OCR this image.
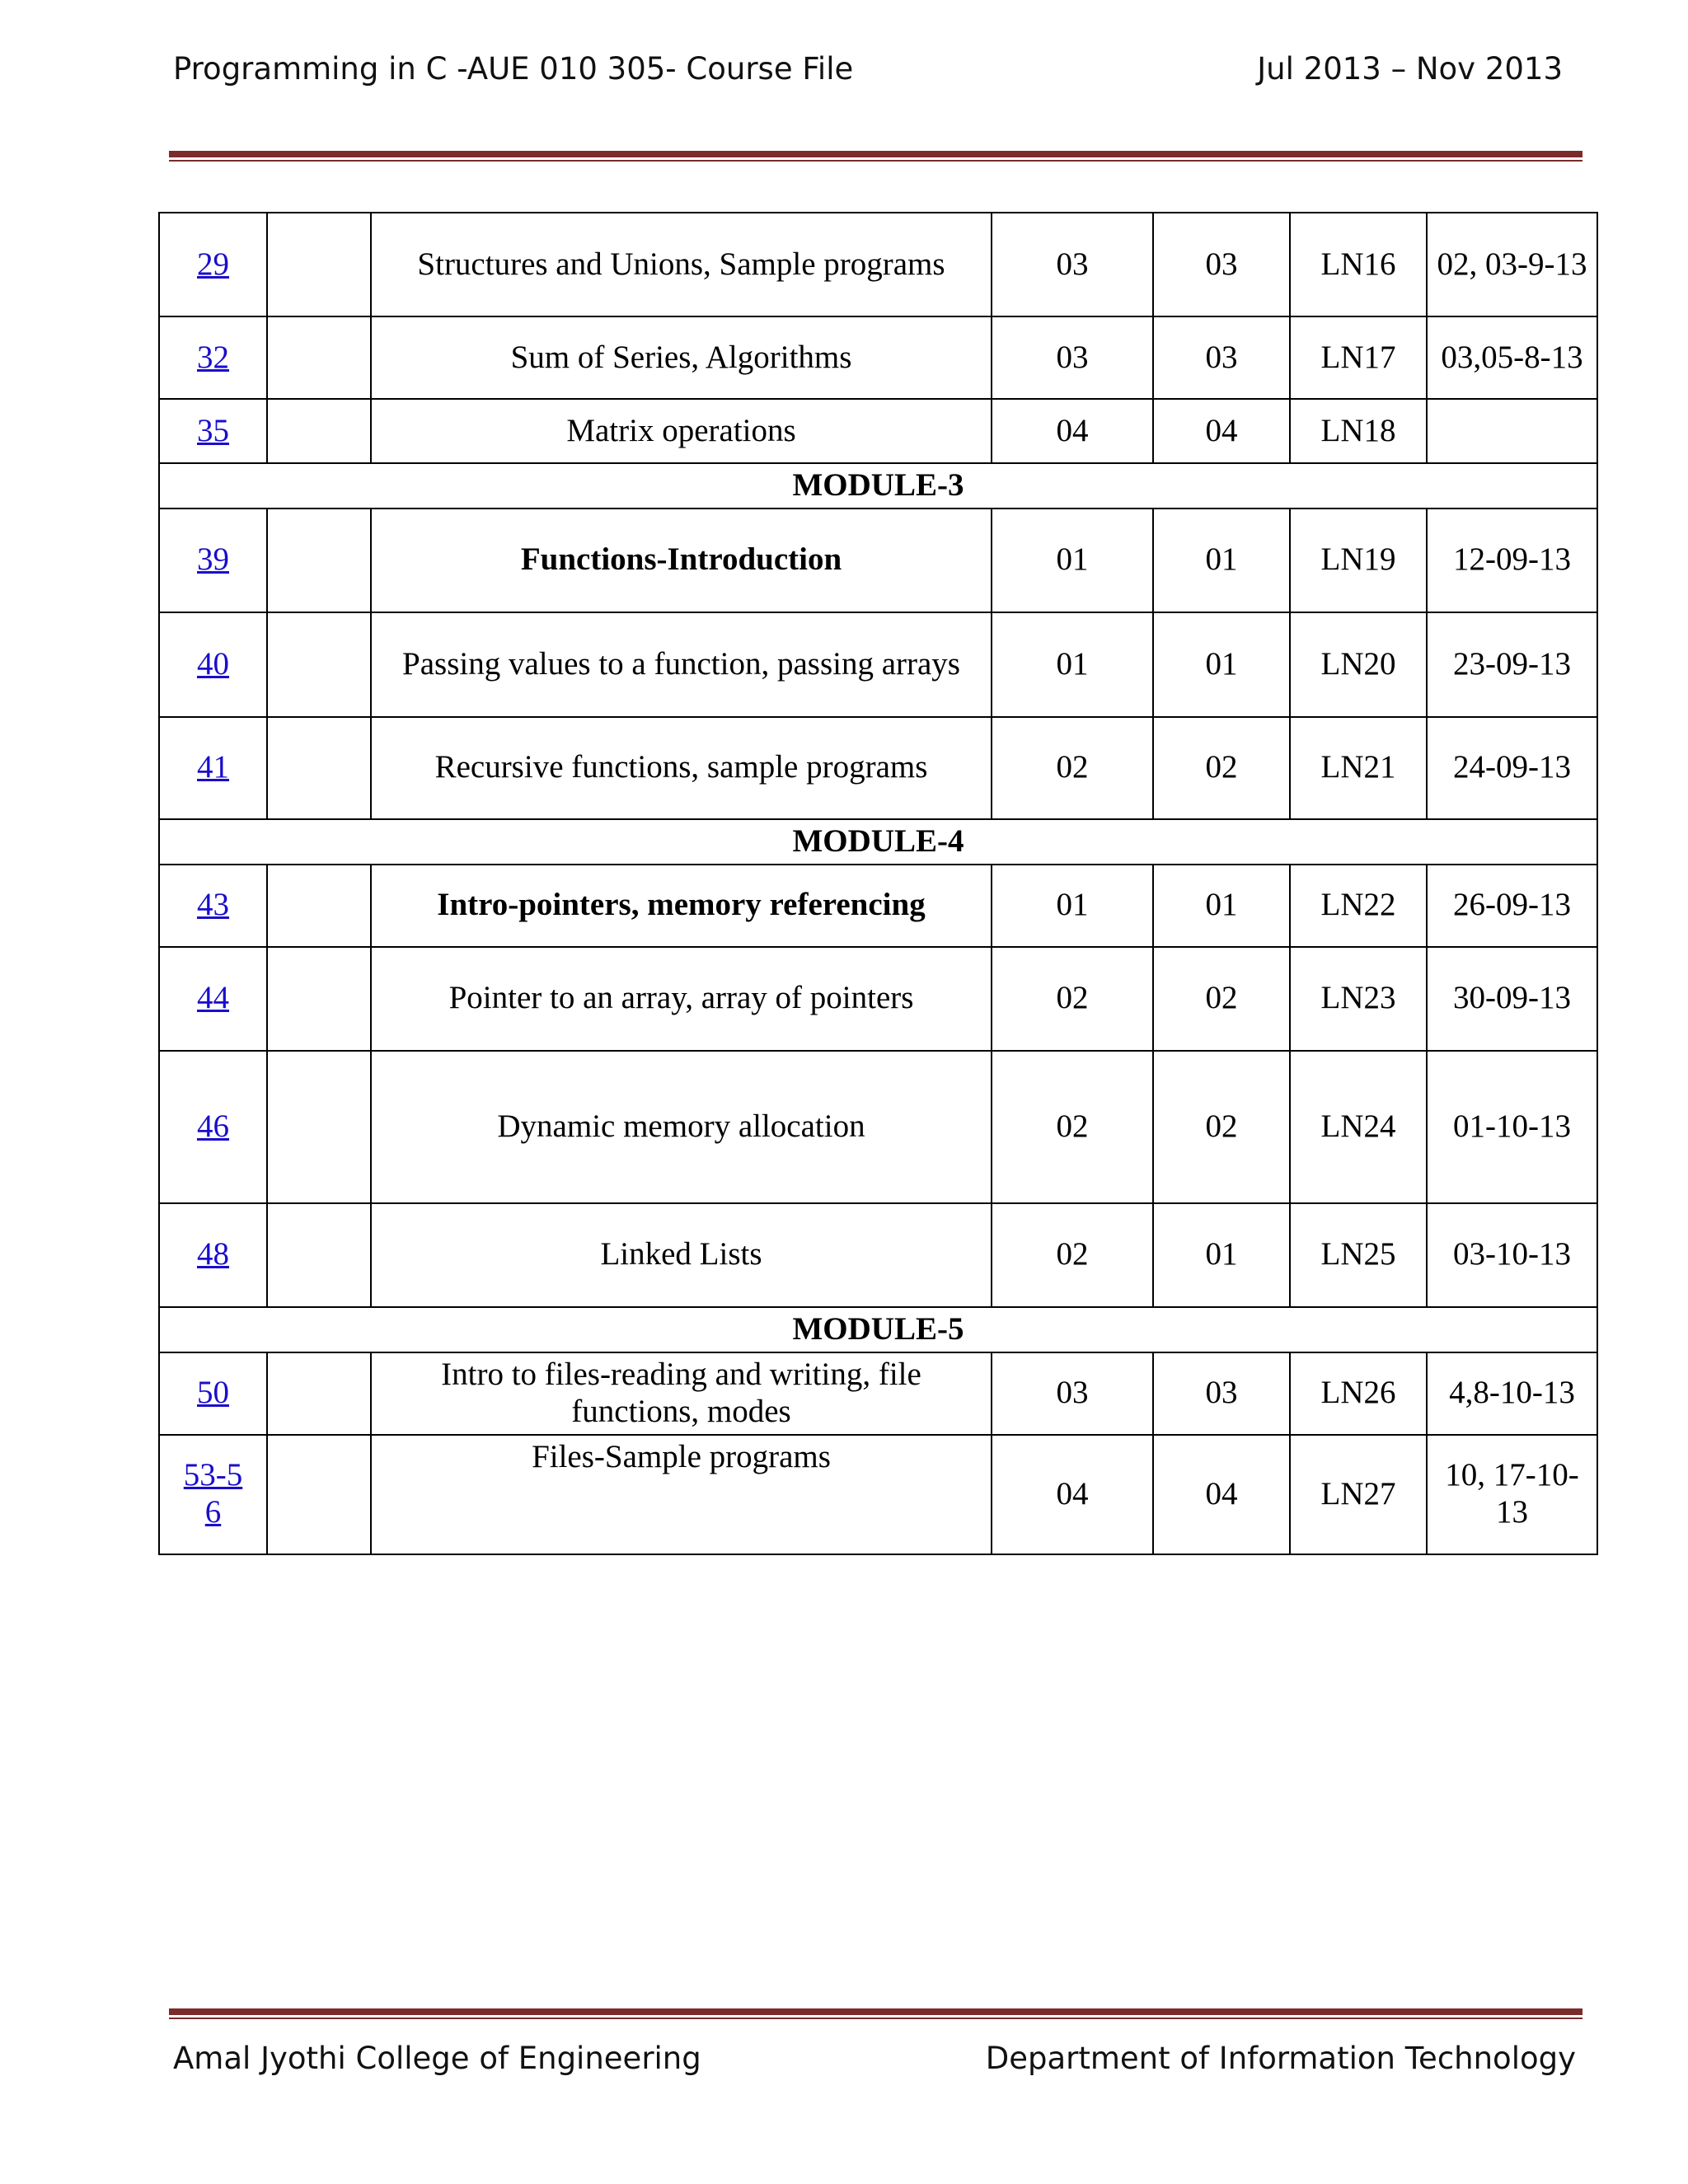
Programming in C -AUE 010 305- Course File	Jul 2013 – Nov 2013
29		Structures and Unions, Sample programs	03	03	LN16	02, 03-9-13
32		Sum of Series, Algorithms	03	03	LN17	03,05-8-13
35		Matrix operations	04	04	LN18	
MODULE-3						
39		Functions-Introduction	01	01	LN19	12-09-13
40		Passing values to a function, passing arrays	01	01	LN20	23-09-13
41		Recursive functions, sample programs	02	02	LN21	24-09-13
MODULE-4						
43		Intro-pointers, memory referencing	01	01	LN22	26-09-13
44		Pointer to an array, array of pointers	02	02	LN23	30-09-13
46		Dynamic memory allocation	02	02	LN24	01-10-13
48		Linked Lists	02	01	LN25	03-10-13
MODULE-5						
50		Intro to files-reading and writing, file functions, modes	03	03	LN26	4,8-10-13
53-56		Files-Sample programs	04	04	LN27	10, 17-10-13
Amal Jyothi College of Engineering	Department of Information Technology
